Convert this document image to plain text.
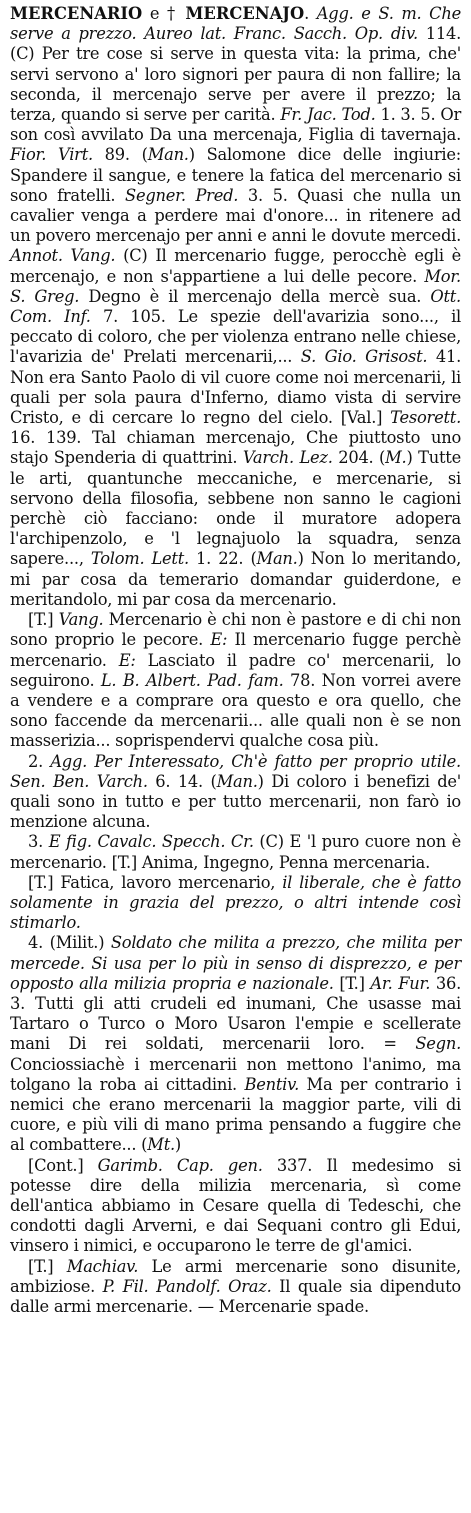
MERCENARIO e † MERCENAJO. Agg. e S. m. Che serve a prezzo. Aureo lat. Franc. Sacch. Op. div. 114. (C) Per tre cose si serve in questa vita: la prima, che' servi servono a' loro signori per paura di non fallire; la seconda, il mercenajo serve per avere il prezzo; la terza, quando si serve per carità. Fr. Jac. Tod. 1. 3. 5. Or son così avvilato Da una mercenaja, Figlia di tavernaja. Fior. Virt. 89. (Man.) Salomone dice delle ingiurie: Spandere il sangue, e tenere la fatica del mercenario si sono fratelli. Segner. Pred. 3. 5. Quasi che nulla un cavalier venga a perdere mai d'onore... in ritenere ad un povero mercenajo per anni e anni le dovute mercedi. Annot. Vang. (C) Il mercenario fugge, perocchè egli è mercenajo, e non s'appartiene a lui delle pecore. Mor. S. Greg. Degno è il mercenajo della mercè sua. Ott. Com. Inf. 7. 105. Le spezie dell'avarizia sono..., il peccato di coloro, che per violenza entrano nelle chiese, l'avarizia de' Prelati mercenarii,... S. Gio. Grisost. 41. Non era Santo Paolo di vil cuore come noi mercenarii, li quali per sola paura d'Inferno, diamo vista di servire Cristo, e di cercare lo regno del cielo. [Val.] Tesorett. 16. 139. Tal chiaman mercenajo, Che piuttosto uno stajo Spenderia di quattrini. Varch. Lez. 204. (M.) Tutte le arti, quantunche meccaniche, e mercenarie, si servono della filosofia, sebbene non sanno le cagioni perchè ciò facciano: onde il muratore adopera l'archipenzolo, e 'l legnajuolo la squadra, senza sapere..., Tolom. Lett. 1. 22. (Man.) Non lo meritando, mi par cosa da temerario domandar guiderdone, e meritandolo, mi par cosa da mercenario.

[T.] Vang. Mercenario è chi non è pastore e di chi non sono proprio le pecore. E: Il mercenario fugge perchè mercenario. E: Lasciato il padre co' mercenarii, lo seguirono. L. B. Albert. Pad. fam. 78. Non vorrei avere a vendere e a comprare ora questo e ora quello, che sono faccende da mercenarii... alle quali non è se non masserizia... soprispendervi qualche cosa più.

2. Agg. Per Interessato, Ch'è fatto per proprio utile. Sen. Ben. Varch. 6. 14. (Man.) Di coloro i benefizi de' quali sono in tutto e per tutto mercenarii, non farò io menzione alcuna.

3. E fig. Cavalc. Specch. Cr. (C) E 'l puro cuore non è mercenario. [T.] Anima, Ingegno, Penna mercenaria.

[T.] Fatica, lavoro mercenario, il liberale, che è fatto solamente in grazia del prezzo, o altri intende così stimarlo.

4. (Milit.) Soldato che milita a prezzo, che milita per mercede. Si usa per lo più in senso di disprezzo, e per opposto alla milizia propria e nazionale. [T.] Ar. Fur. 36. 3. Tutti gli atti crudeli ed inumani, Che usasse mai Tartaro o Turco o Moro Usaron l'empie e scellerate mani Di rei soldati, mercenarii loro. = Segn. Conciossiachè i mercenarii non mettono l'animo, ma tolgano la roba ai cittadini. Bentiv. Ma per contrario i nemici che erano mercenarii la maggior parte, vili di cuore, e più vili di mano prima pensando a fuggire che al combattere... (Mt.)

[Cont.] Garimb. Cap. gen. 337. Il medesimo si potesse dire della milizia mercenaria, sì come dell'antica abbiamo in Cesare quella di Tedeschi, che condotti dagli Arverni, e dai Sequani contro gli Edui, vinsero i nimici, e occuparono le terre de gl'amici.

[T.] Machiav. Le armi mercenarie sono disunite, ambiziose. P. Fil. Pandolf. Oraz. Il quale sia dipenduto dalle armi mercenarie. — Mercenarie spade.
